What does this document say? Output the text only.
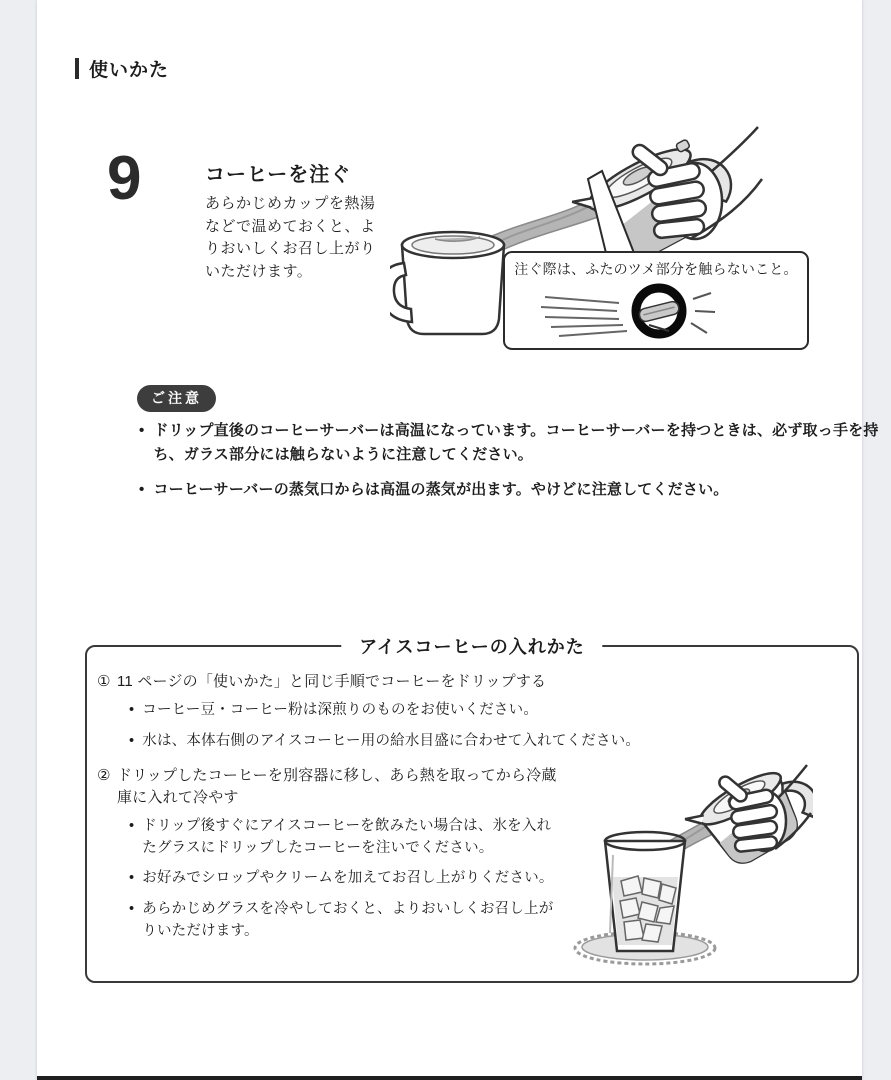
使いかた
9	コーヒーを注ぐ
あらかじめカップを熱湯などで温めておくと、よりおいしくお召し上がりいただけます。	注ぐ際は、ふたのツメ部分を触らないこと。
ご注意
• ドリップ直後のコーヒーサーバーは高温になっています。コーヒーサーバーを持つときは、必ず取っ手を持ち、ガラス部分には触らないように注意してください。
• コーヒーサーバーの蒸気口からは高温の蒸気が出ます。やけどに注意してください。
アイスコーヒーの入れかた
① 11 ページの「使いかた」と同じ手順でコーヒーをドリップする
• コーヒー豆・コーヒー粉は深煎りのものをお使いください。
• 水は、本体右側のアイスコーヒー用の給水目盛に合わせて入れてください。
② ドリップしたコーヒーを別容器に移し、あら熱を取ってから冷蔵庫に入れて冷やす
• ドリップ後すぐにアイスコーヒーを飲みたい場合は、氷を入れたグラスにドリップしたコーヒーを注いでください。
• お好みでシロップやクリームを加えてお召し上がりください。
• あらかじめグラスを冷やしておくと、よりおいしくお召し上がりいただけます。
